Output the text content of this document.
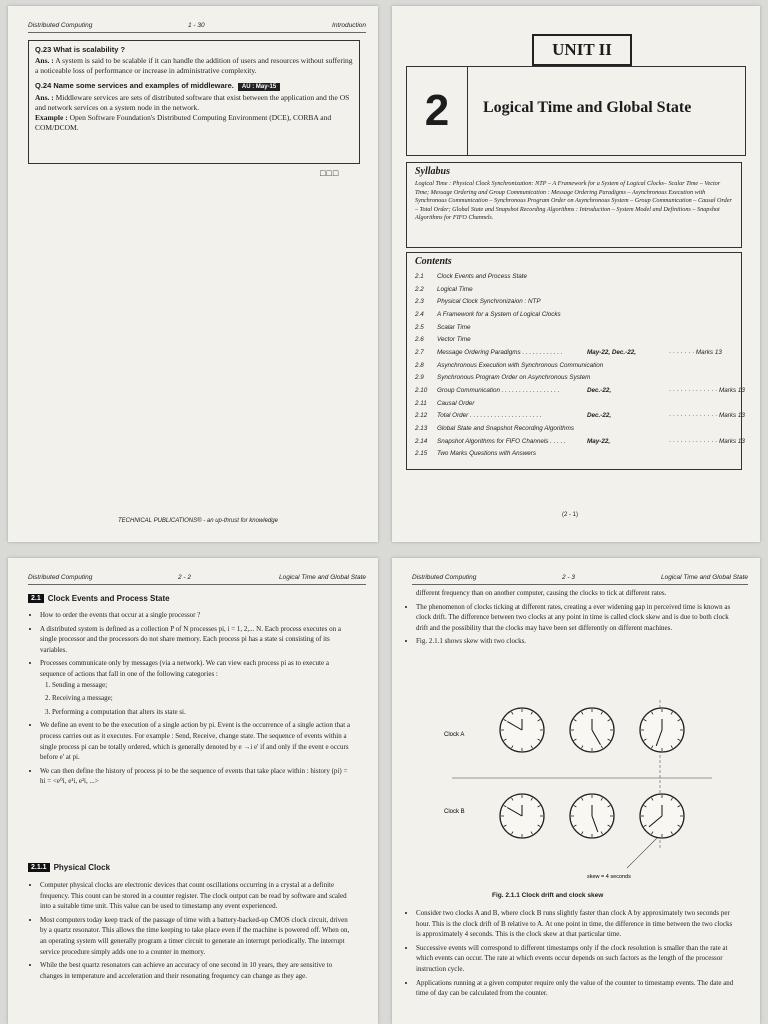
Distributed Computing	1 - 30	Introduction
Q.23 What is scalability ?
Ans. : A system is said to be scalable if it can handle the addition of users and resources without suffering a noticeable loss of performance or increase in administrative complexity.
Q.24 Name some services and examples of middleware. AU : May-15
Ans. : Middleware services are sets of distributed software that exist between the application and the OS and network services on a system node in the network.
Example : Open Software Foundation's Distributed Computing Environment (DCE), CORBA and COM/DCOM.
□□□
TECHNICAL PUBLICATIONS® - an up-thrust for knowledge
UNIT II
2	Logical Time and Global State
Syllabus
Logical Time : Physical Clock Synchronization: NTP – A Framework for a System of Logical Clocks– Scalar Time – Vector Time; Message Ordering and Group Communication : Message Ordering Paradigms – Asynchronous Execution with Synchronous Communication – Synchronous Program Order on Asynchronous System – Group Communication – Causal Order – Total Order; Global State and Snapshot Recording Algorithms : Introduction – System Model and Definitions – Snapshot Algorithms for FIFO Channels.
Contents
2.1	Clock Events and Process State
2.2	Logical Time
2.3	Physical Clock Synchronizaion : NTP
2.4	A Framework for a System of Logical Clocks
2.5	Scalar Time
2.6	Vector Time
2.7	Message Ordering Paradigms . . . . . . . . . . . .	May-22, Dec.-22,	· · · · · · · Marks 13
2.8	Asynchronous Execution with Synchronous Communication
2.9	Synchronous Program Order on Asynchronous System
2.10	Group Communication . . . . . . . . . . . . . . . . .	Dec.-22,	· · · · · · · · · · · · · Marks 13
2.11	Causal Order
2.12	Total Order . . . . . . . . . . . . . . . . . . . . .	Dec.-22,	· · · · · · · · · · · · · Marks 13
2.13	Global State and Snapshot Recording Algorithms
2.14	Snapshot Algorithms for FIFO Channels . . . . .	May-22,	· · · · · · · · · · · · · Marks 13
2.15	Two Marks Questions with Answers
(2 - 1)
Distributed Computing	2 - 2	Logical Time and Global State
2.1 Clock Events and Process State
• How to order the events that occur at a single processor ?
• A distributed system is defined as a collection P of N processes pi, i = 1, 2,... N. Each process executes on a single processor and the processors do not share memory. Each process pi has a state si consisting of its variables.
• Processes communicate only by messages (via a network). We can view each process pi as to execute a sequence of actions that fall in one of the following categories :
1. Sending a message;
2. Receiving a message;
3. Performing a computation that alters its state si.
• We define an event to be the execution of a single action by pi. Event is the occurrence of a single action that a process carries out as it executes. For example : Send, Receive, change state. The sequence of events within a single process pi can be totally ordered, which is generally denoted by e →i e' if and only if the event e occurs before e' at pi.
• We can then define the history of process pi to be the sequence of events that take place within : history (pi) = hi = <e⁰i, e¹i, e²i, ...>
2.1.1 Physical Clock
• Computer physical clocks are electronic devices that count oscillations occurring in a crystal at a definite frequency. This count can be stored in a counter register. The clock output can be read by software and scaled into a suitable time unit. This value can be used to timestamp any event experienced.
• Most computers today keep track of the passage of time with a battery-backed-up CMOS clock circuit, driven by a quartz resonator. This allows the time keeping to take place even if the machine is powered off. When on, an operating system will generally program a timer circuit to generate an interrupt periodically. The interrupt service procedure simply adds one to a counter in memory.
• While the best quartz resonators can achieve an accuracy of one second in 10 years, they are sensitive to changes in temperature and acceleration and their resonating frequency can change as they age.
Distributed Computing	2 - 3	Logical Time and Global State
different frequency than on another computer, causing the clocks to tick at different rates.
• The phenomenon of clocks ticking at different rates, creating a ever widening gap in perceived time is known as clock drift. The difference between two clocks at any point in time is called clock skew and is due to both clock drift and the possibility that the clocks may have been set differently on different machines.
• Fig. 2.1.1 shows skew with two clocks.
Clock A
Clock B
skew = 4 seconds
Fig. 2.1.1 Clock drift and clock skew
• Consider two clocks A and B, where clock B runs slightly faster than clock A by approximately two seconds per hour. This is the clock drift of B relative to A. At one point in time, the difference in time between the two clocks is approximately 4 seconds. This is the clock skew at that particular time.
• Successive events will correspond to different timestamps only if the clock resolution is smaller than the rate at which events can occur. The rate at which events occur depends on such factors as the length of the processor instruction cycle.
• Applications running at a given computer require only the value of the counter to timestamp events. The date and time of day can be calculated from the counter.
